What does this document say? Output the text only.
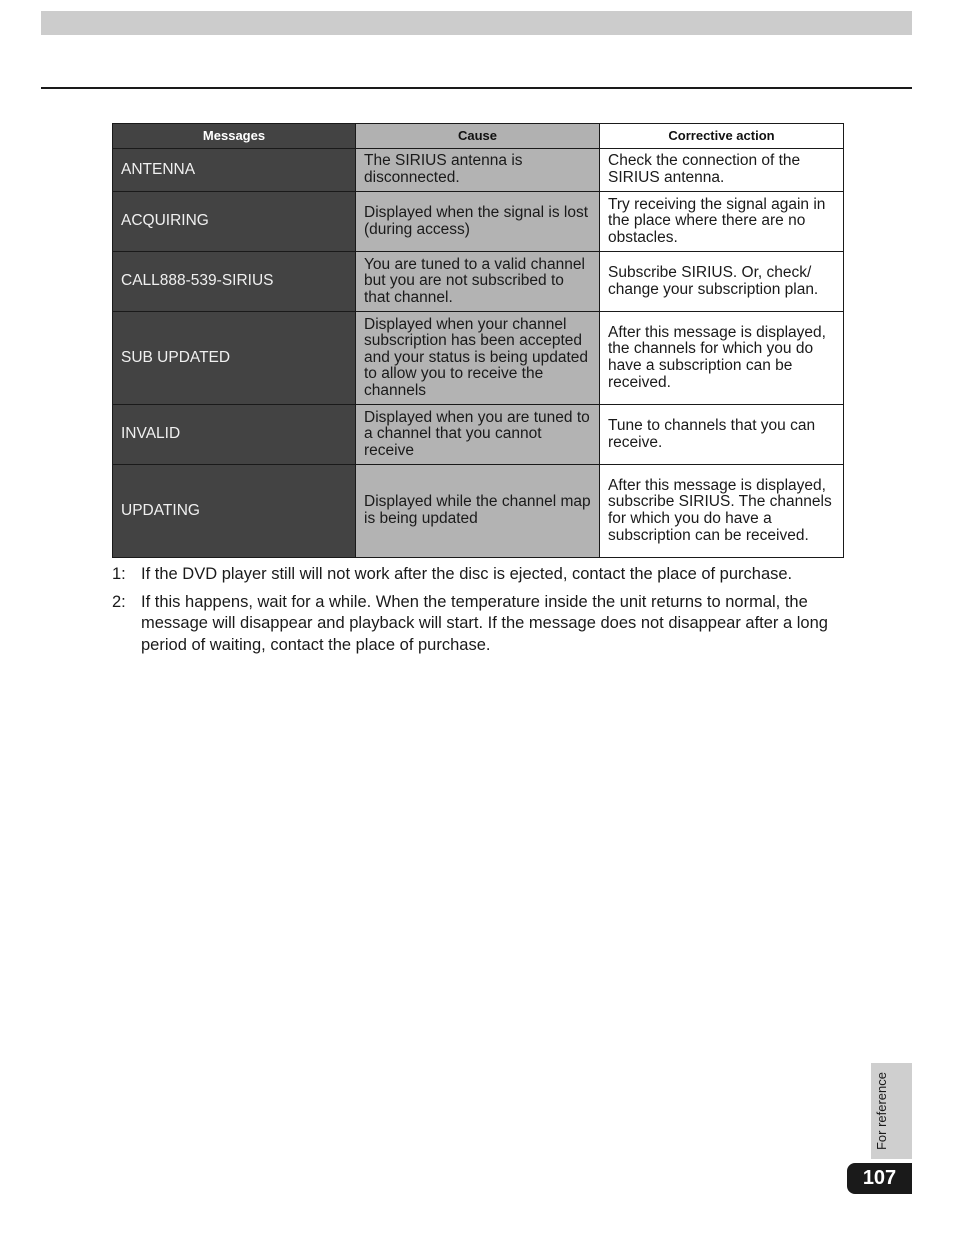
Messages	Cause	Corrective action
ANTENNA	The SIRIUS antenna is disconnected.	Check the connection of the SIRIUS antenna.
ACQUIRING	Displayed when the signal is lost (during access)	Try receiving the signal again in the place where there are no obstacles.
CALL888-539-SIRIUS	You are tuned to a valid channel but you are not subscribed to that channel.	Subscribe SIRIUS. Or, check/ change your subscription plan.
SUB UPDATED	Displayed when your channel subscription has been accepted and your status is being updated to allow you to receive the channels	After this message is displayed, the channels for which you do have a subscription can be received.
INVALID	Displayed when you are tuned to a channel that you cannot receive	Tune to channels that you can receive.
UPDATING	Displayed while the channel map is being updated	After this message is displayed, subscribe SIRIUS. The channels for which you do have a subscription can be received.
1: If the DVD player still will not work after the disc is ejected, contact the place of purchase.
2: If this happens, wait for a while. When the temperature inside the unit returns to normal, the message will disappear and playback will start. If the message does not disappear after a long period of waiting, contact the place of purchase.
For reference
107
